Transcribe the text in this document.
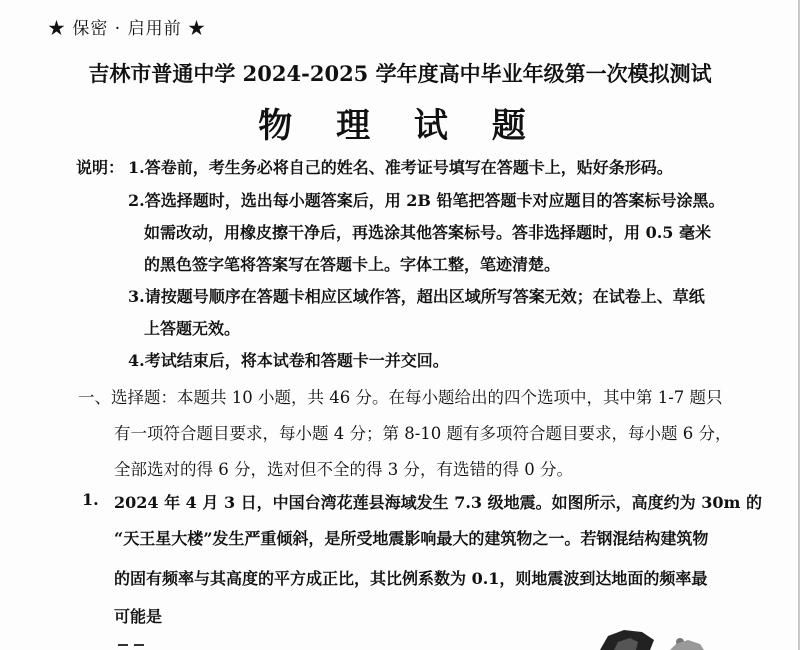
★ 保密 · 启用前 ★
吉林市普通中学 2024-2025 学年度高中毕业年级第一次模拟测试
物 理 试 题
说明： 1.答卷前，考生务必将自己的姓名、准考证号填写在答题卡上，贴好条形码。
2.答选择题时，选出每小题答案后，用 2B 铅笔把答题卡对应题目的答案标号涂黑。
如需改动，用橡皮擦干净后，再选涂其他答案标号。答非选择题时，用 0.5 毫米
的黑色签字笔将答案写在答题卡上。字体工整，笔迹清楚。
3.请按题号顺序在答题卡相应区域作答，超出区域所写答案无效；在试卷上、草纸
上答题无效。
4.考试结束后，将本试卷和答题卡一并交回。
一、选择题：本题共 10 小题，共 46 分。在每小题给出的四个选项中，其中第 1-7 题只
有一项符合题目要求，每小题 4 分；第 8-10 题有多项符合题目要求，每小题 6 分，
全部选对的得 6 分，选对但不全的得 3 分，有选错的得 0 分。
1. 2024 年 4 月 3 日，中国台湾花莲县海域发生 7.3 级地震。如图所示，高度约为 30m 的
“天王星大楼”发生严重倾斜，是所受地震影响最大的建筑物之一。若钢混结构建筑物
的固有频率与其高度的平方成正比，其比例系数为 0.1，则地震波到达地面的频率最
可能是
